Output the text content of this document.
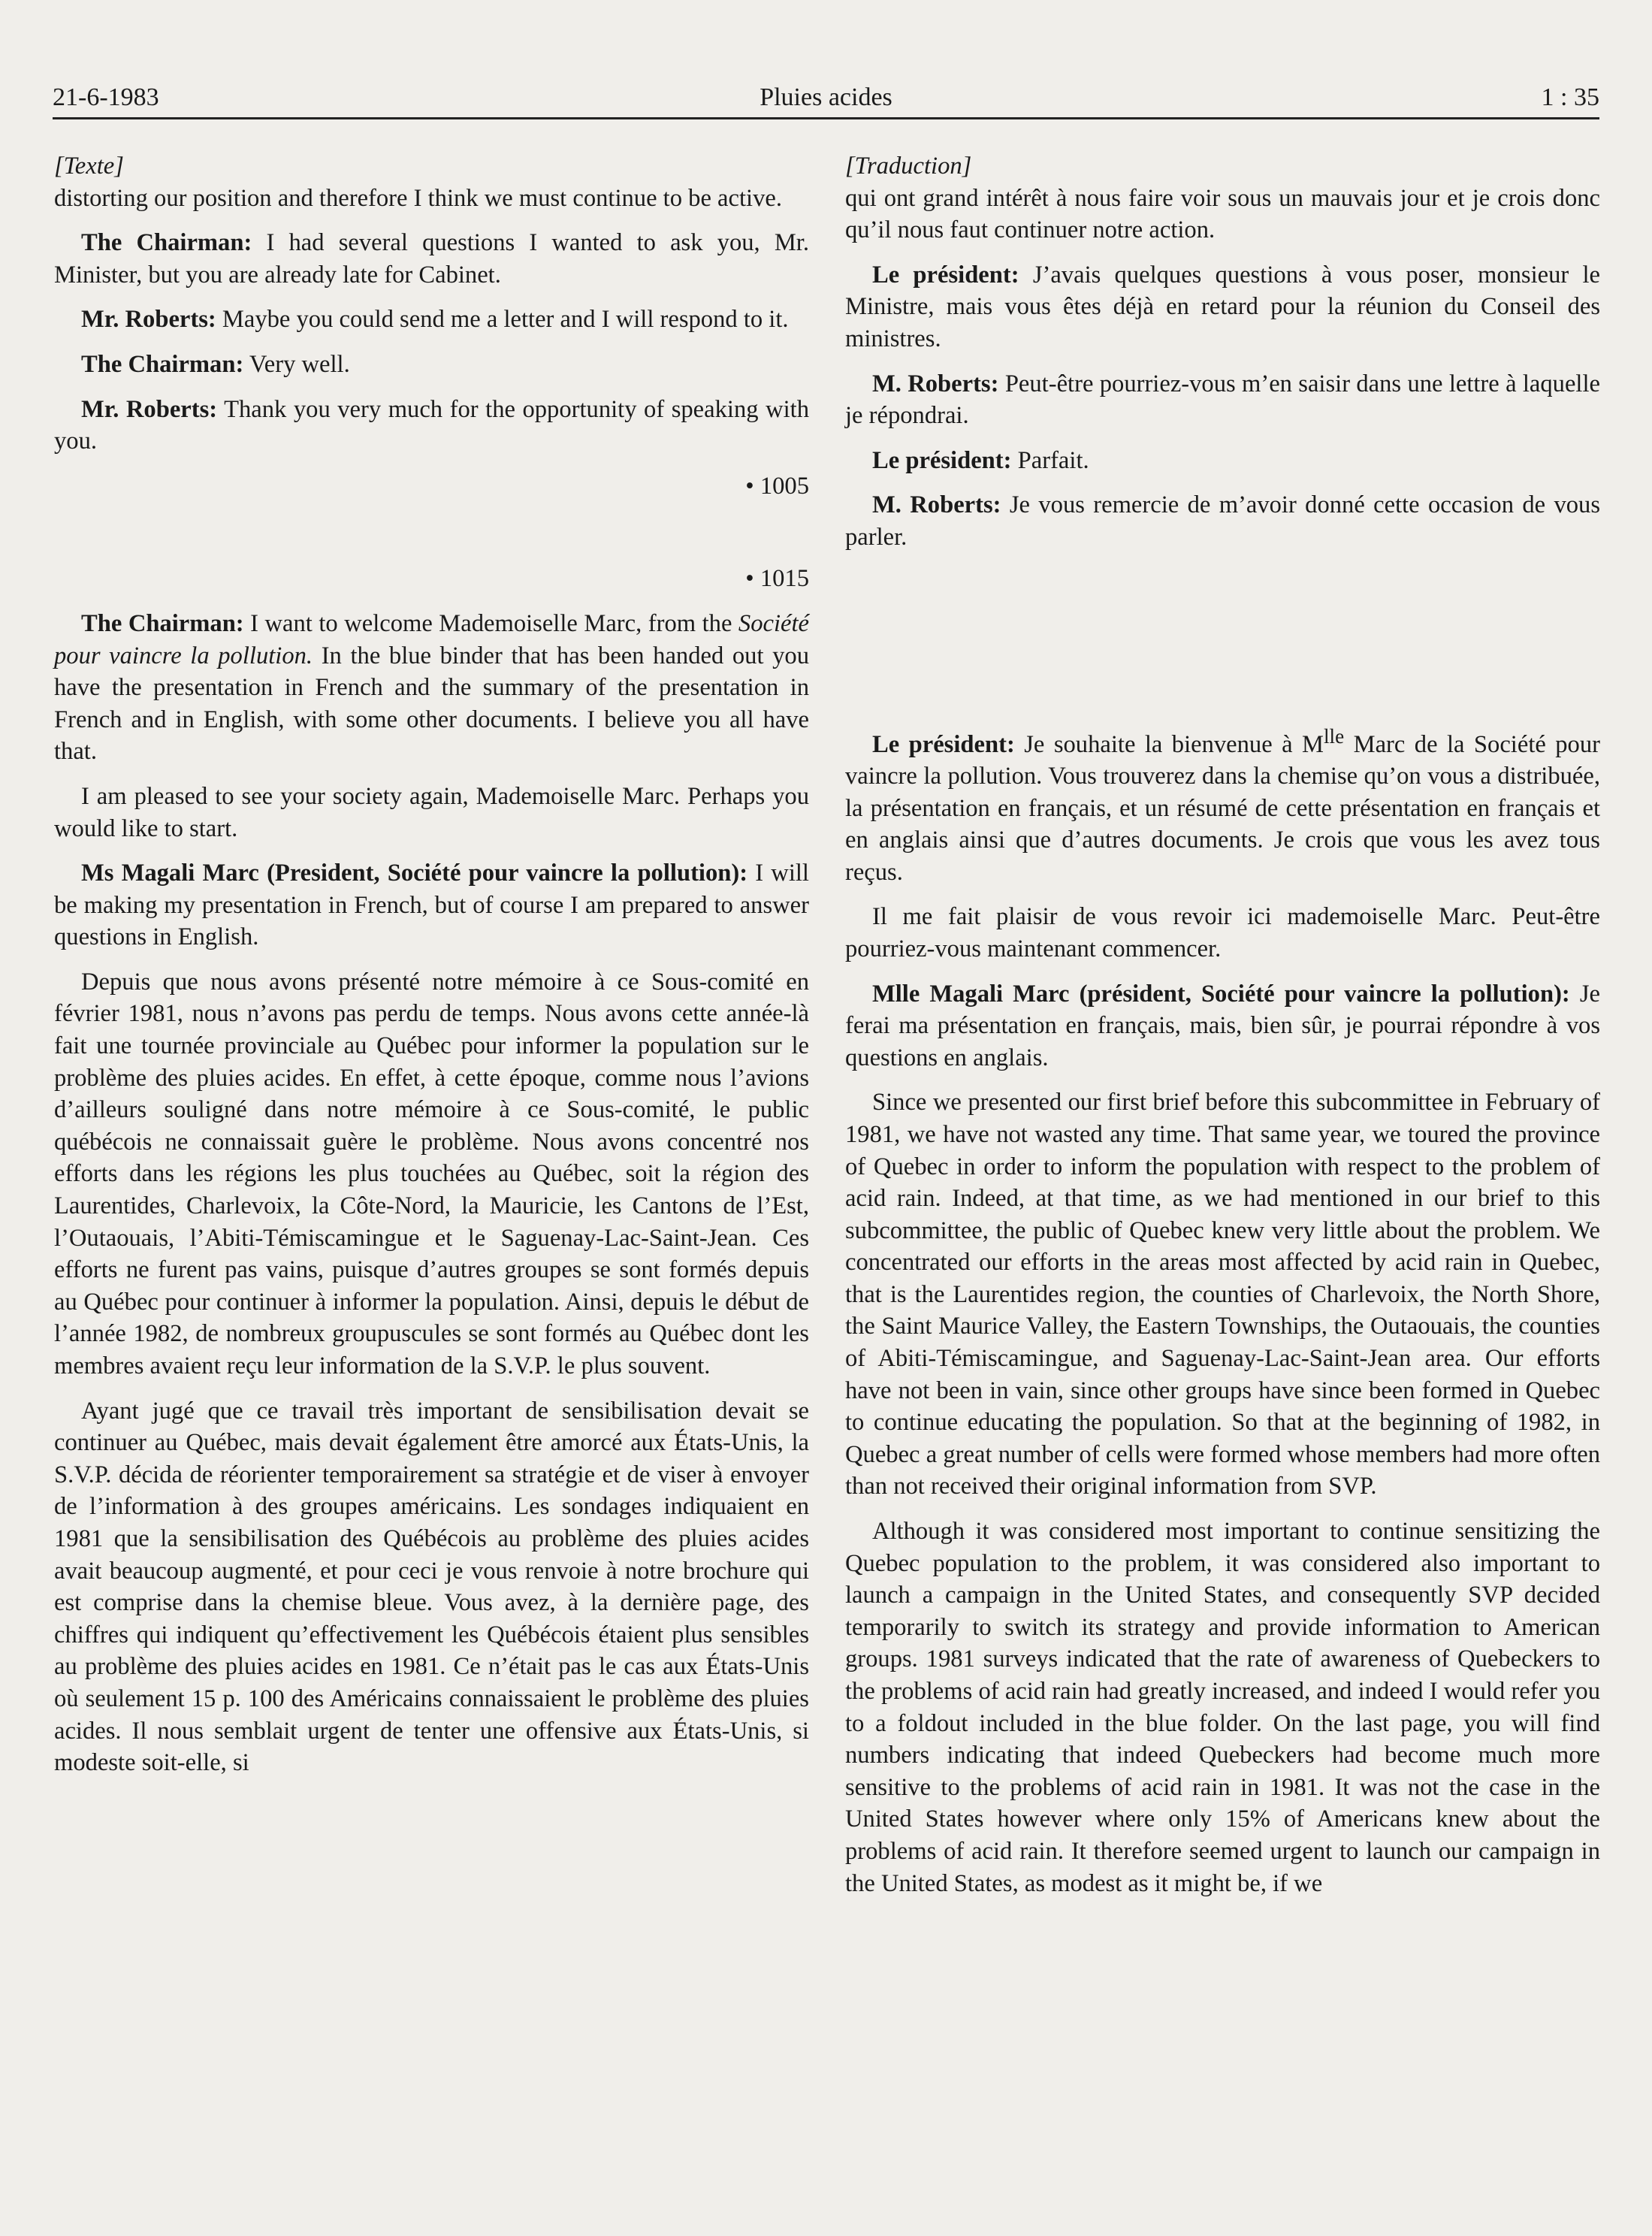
Pluies acides
21-6-1983	1 : 35

[Texte]

distorting our position and therefore I think we must continue to be active.

The Chairman: I had several questions I wanted to ask you, Mr. Minister, but you are already late for Cabinet.

Mr. Roberts: Maybe you could send me a letter and I will respond to it.

The Chairman: Very well.

Mr. Roberts: Thank you very much for the opportunity of speaking with you.

• 1005

• 1015

The Chairman: I want to welcome Mademoiselle Marc, from the Société pour vaincre la pollution. In the blue binder that has been handed out you have the presentation in French and the summary of the presentation in French and in English, with some other documents. I believe you all have that.

I am pleased to see your society again, Mademoiselle Marc. Perhaps you would like to start.

Ms Magali Marc (President, Société pour vaincre la pollution): I will be making my presentation in French, but of course I am prepared to answer questions in English.

Depuis que nous avons présenté notre mémoire à ce Sous-comité en février 1981, nous n’avons pas perdu de temps. Nous avons cette année-là fait une tournée provinciale au Québec pour informer la population sur le problème des pluies acides. En effet, à cette époque, comme nous l’avions d’ailleurs souligné dans notre mémoire à ce Sous-comité, le public québécois ne connaissait guère le problème. Nous avons concentré nos efforts dans les régions les plus touchées au Québec, soit la région des Laurentides, Charlevoix, la Côte-Nord, la Mauricie, les Cantons de l’Est, l’Outaouais, l’Abiti-Témiscamingue et le Saguenay-Lac-Saint-Jean. Ces efforts ne furent pas vains, puisque d’autres groupes se sont formés depuis au Québec pour continuer à informer la population. Ainsi, depuis le début de l’année 1982, de nombreux groupuscules se sont formés au Québec dont les membres avaient reçu leur information de la S.V.P. le plus souvent.

Ayant jugé que ce travail très important de sensibilisation devait se continuer au Québec, mais devait également être amorcé aux États-Unis, la S.V.P. décida de réorienter temporairement sa stratégie et de viser à envoyer de l’information à des groupes américains. Les sondages indiquaient en 1981 que la sensibilisation des Québécois au problème des pluies acides avait beaucoup augmenté, et pour ceci je vous renvoie à notre brochure qui est comprise dans la chemise bleue. Vous avez, à la dernière page, des chiffres qui indiquent qu’effectivement les Québécois étaient plus sensibles au problème des pluies acides en 1981. Ce n’était pas le cas aux États-Unis où seulement 15 p. 100 des Américains connaissaient le problème des pluies acides. Il nous semblait urgent de tenter une offensive aux États-Unis, si modeste soit-elle, si

[Traduction]

qui ont grand intérêt à nous faire voir sous un mauvais jour et je crois donc qu’il nous faut continuer notre action.

Le président: J’avais quelques questions à vous poser, monsieur le Ministre, mais vous êtes déjà en retard pour la réunion du Conseil des ministres.

M. Roberts: Peut-être pourriez-vous m’en saisir dans une lettre à laquelle je répondrai.

Le président: Parfait.

M. Roberts: Je vous remercie de m’avoir donné cette occasion de vous parler.

Le président: Je souhaite la bienvenue à $M^{lle}$ Marc de la Société pour vaincre la pollution. Vous trouverez dans la chemise qu’on vous a distribuée, la présentation en français, et un résumé de cette présentation en français et en anglais ainsi que d’autres documents. Je crois que vous les avez tous reçus.

Il me fait plaisir de vous revoir ici mademoiselle Marc. Peut-être pourriez-vous maintenant commencer.

Mlle Magali Marc (président, Société pour vaincre la pollution): Je ferai ma présentation en français, mais, bien sûr, je pourrai répondre à vos questions en anglais.

Since we presented our first brief before this subcommittee in February of 1981, we have not wasted any time. That same year, we toured the province of Quebec in order to inform the population with respect to the problem of acid rain. Indeed, at that time, as we had mentioned in our brief to this subcommittee, the public of Quebec knew very little about the problem. We concentrated our efforts in the areas most affected by acid rain in Quebec, that is the Laurentides region, the counties of Charlevoix, the North Shore, the Saint Maurice Valley, the Eastern Townships, the Outaouais, the counties of Abiti-Témiscamingue, and Saguenay-Lac-Saint-Jean area. Our efforts have not been in vain, since other groups have since been formed in Quebec to continue educating the population. So that at the beginning of 1982, in Quebec a great number of cells were formed whose members had more often than not received their original information from SVP.

Although it was considered most important to continue sensitizing the Quebec population to the problem, it was considered also important to launch a campaign in the United States, and consequently SVP decided temporarily to switch its strategy and provide information to American groups. 1981 surveys indicated that the rate of awareness of Quebeckers to the problems of acid rain had greatly increased, and indeed I would refer you to a foldout included in the blue folder. On the last page, you will find numbers indicating that indeed Quebeckers had become much more sensitive to the problems of acid rain in 1981. It was not the case in the United States however where only 15% of Americans knew about the problems of acid rain. It therefore seemed urgent to launch our campaign in the United States, as modest as it might be, if we
